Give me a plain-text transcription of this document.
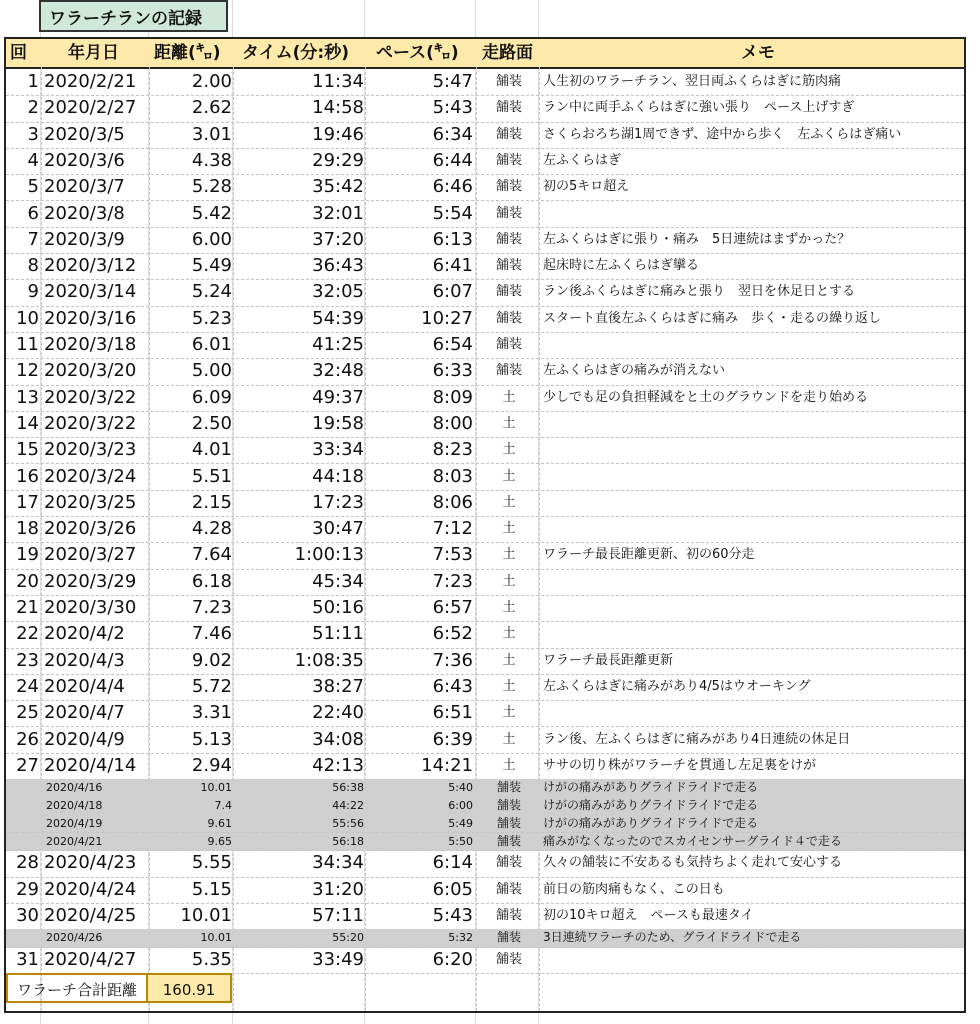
ワラーチランの記録
回	年月日	距離(㌔)	タイム(分:秒)	ペース(㌔)	走路面	メモ
1 2020/2/21	2.00	11:34	5:47	舗装	人生初のワラーチラン、翌日両ふくらはぎに筋肉痛
2 2020/2/27	2.62	14:58	5:43	舗装	ラン中に両手ふくらはぎに強い張り　ペース上げすぎ
3 2020/3/5	3.01	19:46	6:34	舗装	さくらおろち湖1周できず、途中から歩く　左ふくらはぎ痛い
4 2020/3/6	4.38	29:29	6:44	舗装	左ふくらはぎ
5 2020/3/7	5.28	35:42	6:46	舗装	初の5キロ超え
6 2020/3/8	5.42	32:01	5:54	舗装
7 2020/3/9	6.00	37:20	6:13	舗装	左ふくらはぎに張り・痛み　5日連続はまずかった？
8 2020/3/12	5.49	36:43	6:41	舗装	起床時に左ふくらはぎ攣る
9 2020/3/14	5.24	32:05	6:07	舗装	ラン後ふくらはぎに痛みと張り　翌日を休足日とする
10 2020/3/16	5.23	54:39	10:27	舗装	スタート直後左ふくらはぎに痛み　歩く・走るの繰り返し
11 2020/3/18	6.01	41:25	6:54	舗装
12 2020/3/20	5.00	32:48	6:33	舗装	左ふくらはぎの痛みが消えない
13 2020/3/22	6.09	49:37	8:09	土	少しでも足の負担軽減をと土のグラウンドを走り始める
14 2020/3/22	2.50	19:58	8:00	土
15 2020/3/23	4.01	33:34	8:23	土
16 2020/3/24	5.51	44:18	8:03	土
17 2020/3/25	2.15	17:23	8:06	土
18 2020/3/26	4.28	30:47	7:12	土
19 2020/3/27	7.64	1:00:13	7:53	土	ワラーチ最長距離更新、初の60分走
20 2020/3/29	6.18	45:34	7:23	土
21 2020/3/30	7.23	50:16	6:57	土
22 2020/4/2	7.46	51:11	6:52	土
23 2020/4/3	9.02	1:08:35	7:36	土	ワラーチ最長距離更新
24 2020/4/4	5.72	38:27	6:43	土	左ふくらはぎに痛みがあり4/5はウオーキング
25 2020/4/7	3.31	22:40	6:51	土
26 2020/4/9	5.13	34:08	6:39	土	ラン後、左ふくらはぎに痛みがあり4日連続の休足日
27 2020/4/14	2.94	42:13	14:21	土	ササの切り株がワラーチを貫通し左足裏をけが
2020/4/16	10.01	56:38	5:40	舗装	けがの痛みがありグライドライドで走る
2020/4/18	7.4	44:22	6:00	舗装	けがの痛みがありグライドライドで走る
2020/4/19	9.61	55:56	5:49	舗装	けがの痛みがありグライドライドで走る
2020/4/21	9.65	56:18	5:50	舗装	痛みがなくなったのでスカイセンサーグライド４で走る
28 2020/4/23	5.55	34:34	6:14	舗装	久々の舗装に不安あるも気持ちよく走れて安心する
29 2020/4/24	5.15	31:20	6:05	舗装	前日の筋肉痛もなく、この日も
30 2020/4/25	10.01	57:11	5:43	舗装	初の10キロ超え　ペースも最速タイ
2020/4/26	10.01	55:20	5:32	舗装	3日連続ワラーチのため、グライドライドで走る
31 2020/4/27	5.35	33:49	6:20	舗装
ワラーチ合計距離	160.91
